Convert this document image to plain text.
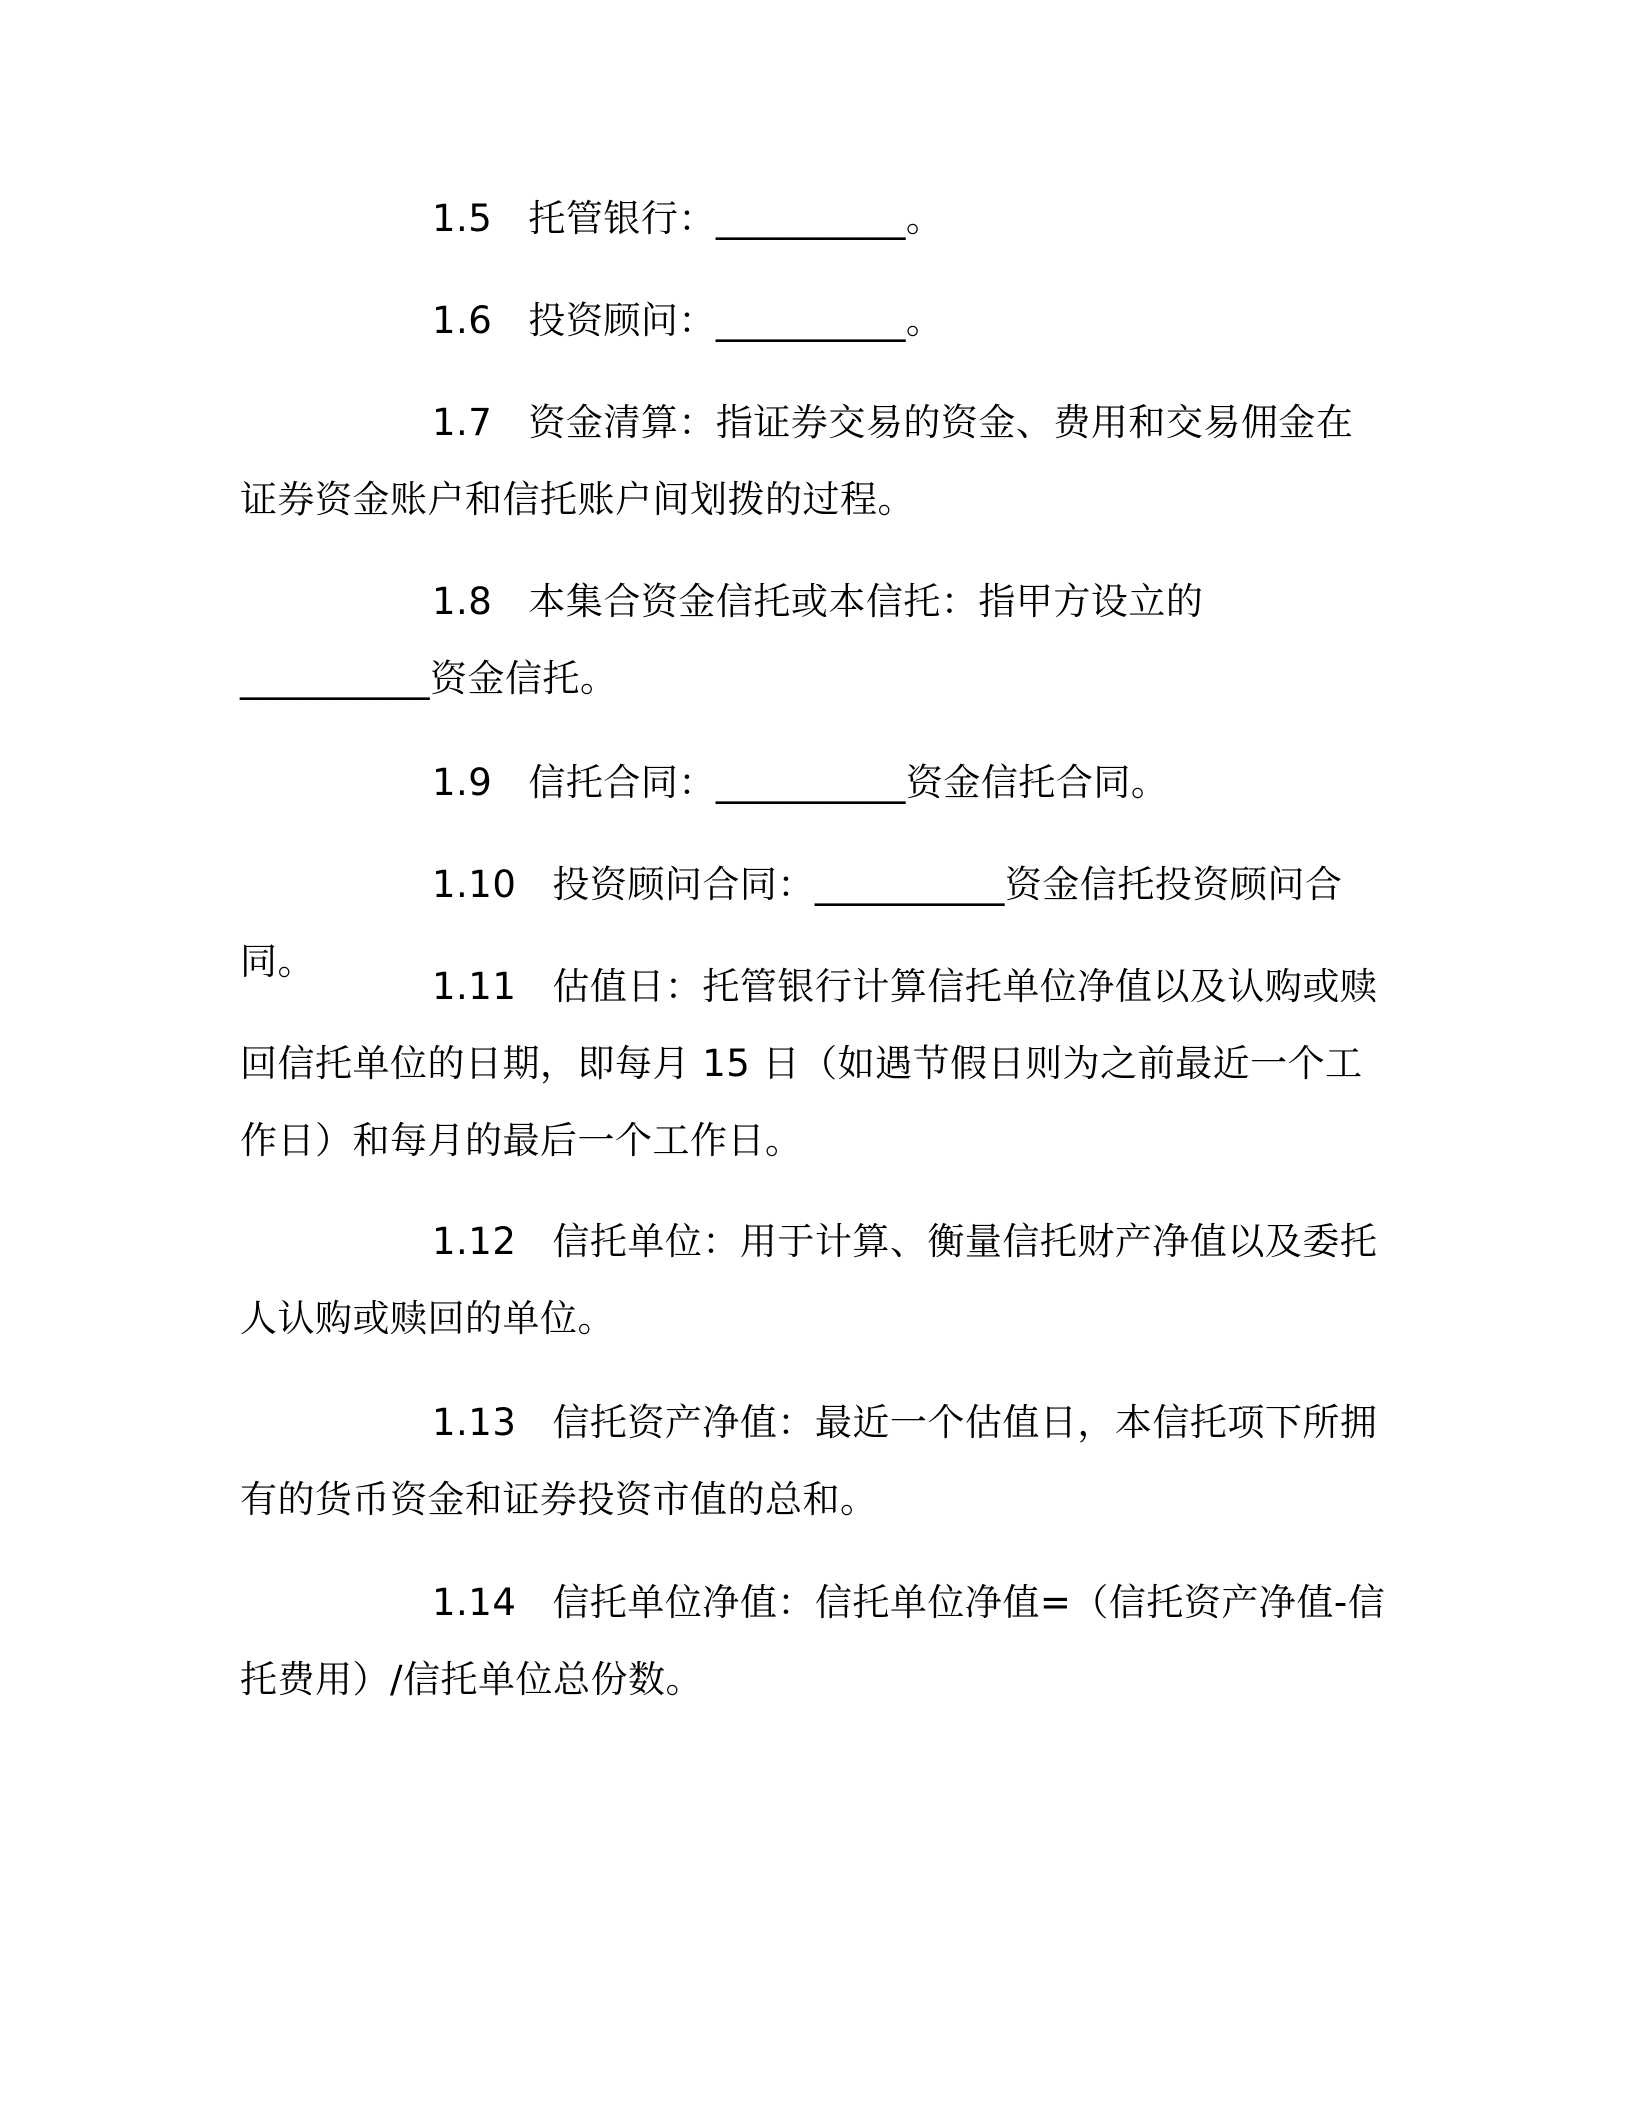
1.5 托管银行：__________。

1.6 投资顾问：__________。

1.7 资金清算：指证券交易的资金、费用和交易佣金在证券资金账户和信托账户间划拨的过程。

1.8 本集合资金信托或本信托：指甲方设立的__________资金信托。

1.9 信托合同：__________资金信托合同。

1.10 投资顾问合同：__________资金信托投资顾问合同。

1.11 估值日：托管银行计算信托单位净值以及认购或赎回信托单位的日期，即每月 15 日（如遇节假日则为之前最近一个工作日）和每月的最后一个工作日。

1.12 信托单位：用于计算、衡量信托财产净值以及委托人认购或赎回的单位。

1.13 信托资产净值：最近一个估值日，本信托项下所拥有的货币资金和证券投资市值的总和。

1.14 信托单位净值：信托单位净值=（信托资产净值-信托费用）/信托单位总份数。
